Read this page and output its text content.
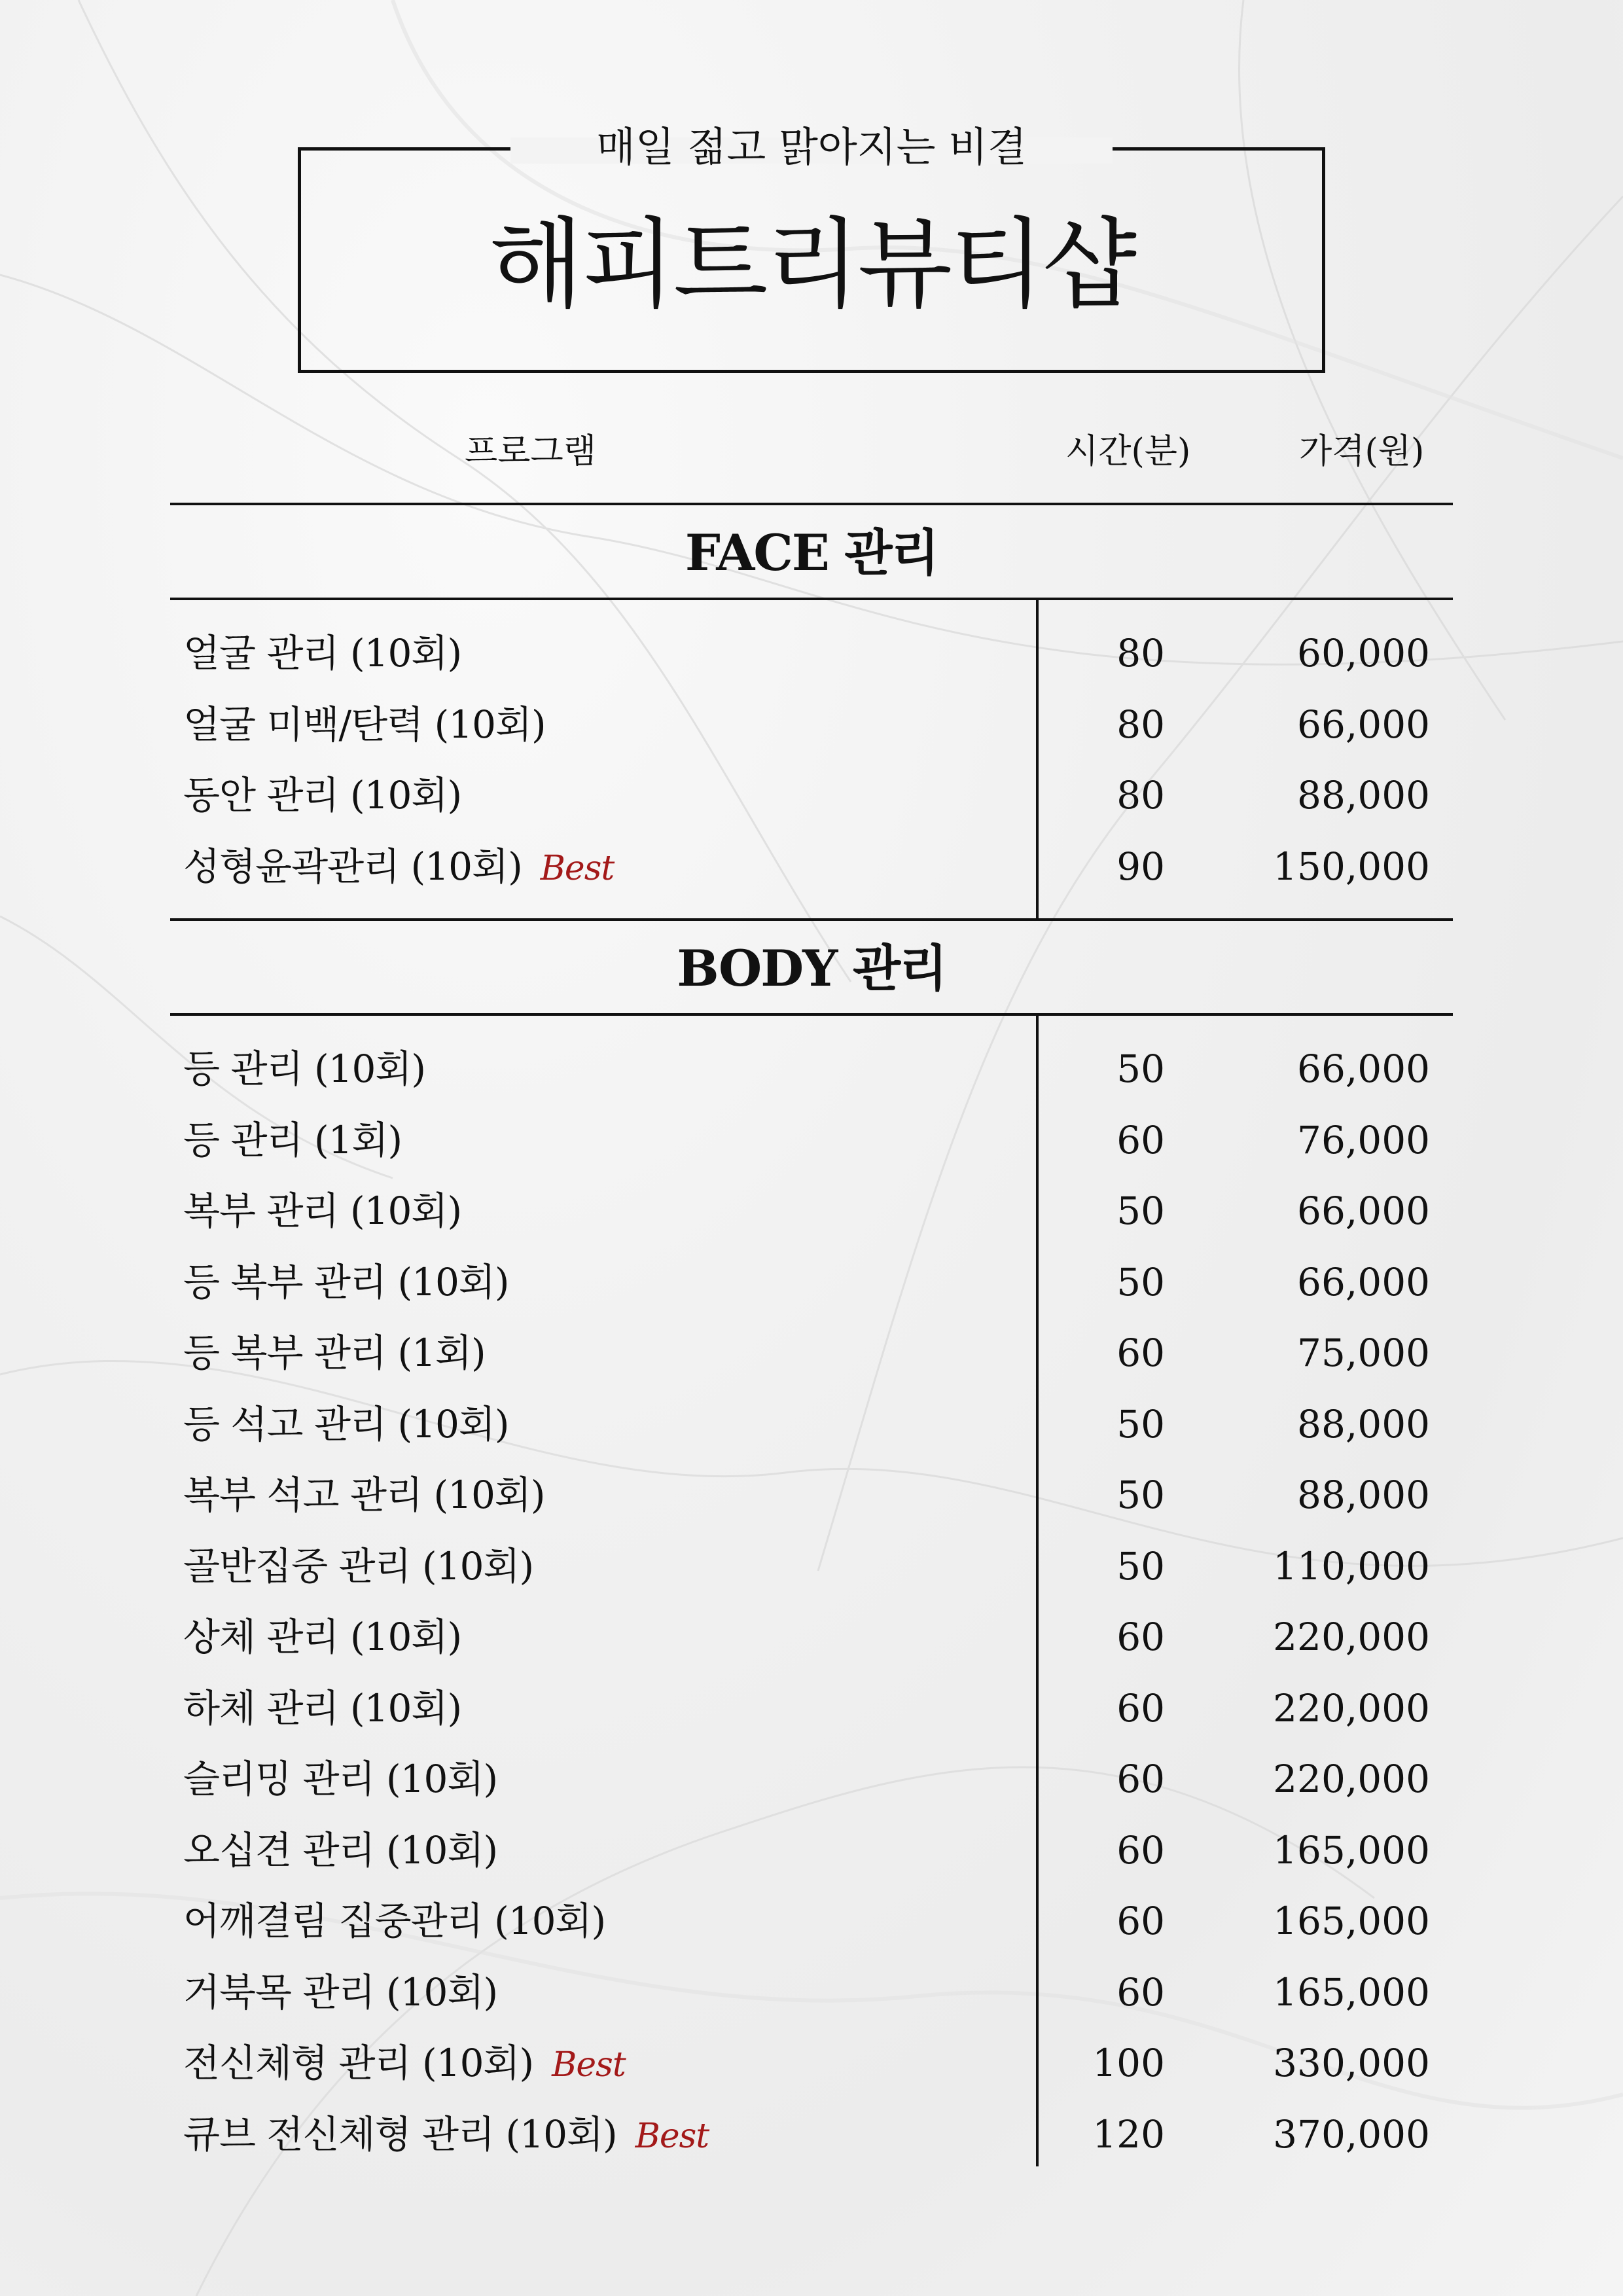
매일 젊고 맑아지는 비결
해피트리뷰티샵
프로그램	시간(분)	가격(원)
FACE 관리
얼굴 관리 (10회)	80	60,000
얼굴 미백/탄력 (10회)	80	66,000
동안 관리 (10회)	80	88,000
성형윤곽관리 (10회) Best	90	150,000
BODY 관리
등 관리 (10회)	50	66,000
등 관리 (1회)	60	76,000
복부 관리 (10회)	50	66,000
등 복부 관리 (10회)	50	66,000
등 복부 관리 (1회)	60	75,000
등 석고 관리 (10회)	50	88,000
복부 석고 관리 (10회)	50	88,000
골반집중 관리 (10회)	50	110,000
상체 관리 (10회)	60	220,000
하체 관리 (10회)	60	220,000
슬리밍 관리 (10회)	60	220,000
오십견 관리 (10회)	60	165,000
어깨결림 집중관리 (10회)	60	165,000
거북목 관리 (10회)	60	165,000
전신체형 관리 (10회) Best	100	330,000
큐브 전신체형 관리 (10회) Best	120	370,000
